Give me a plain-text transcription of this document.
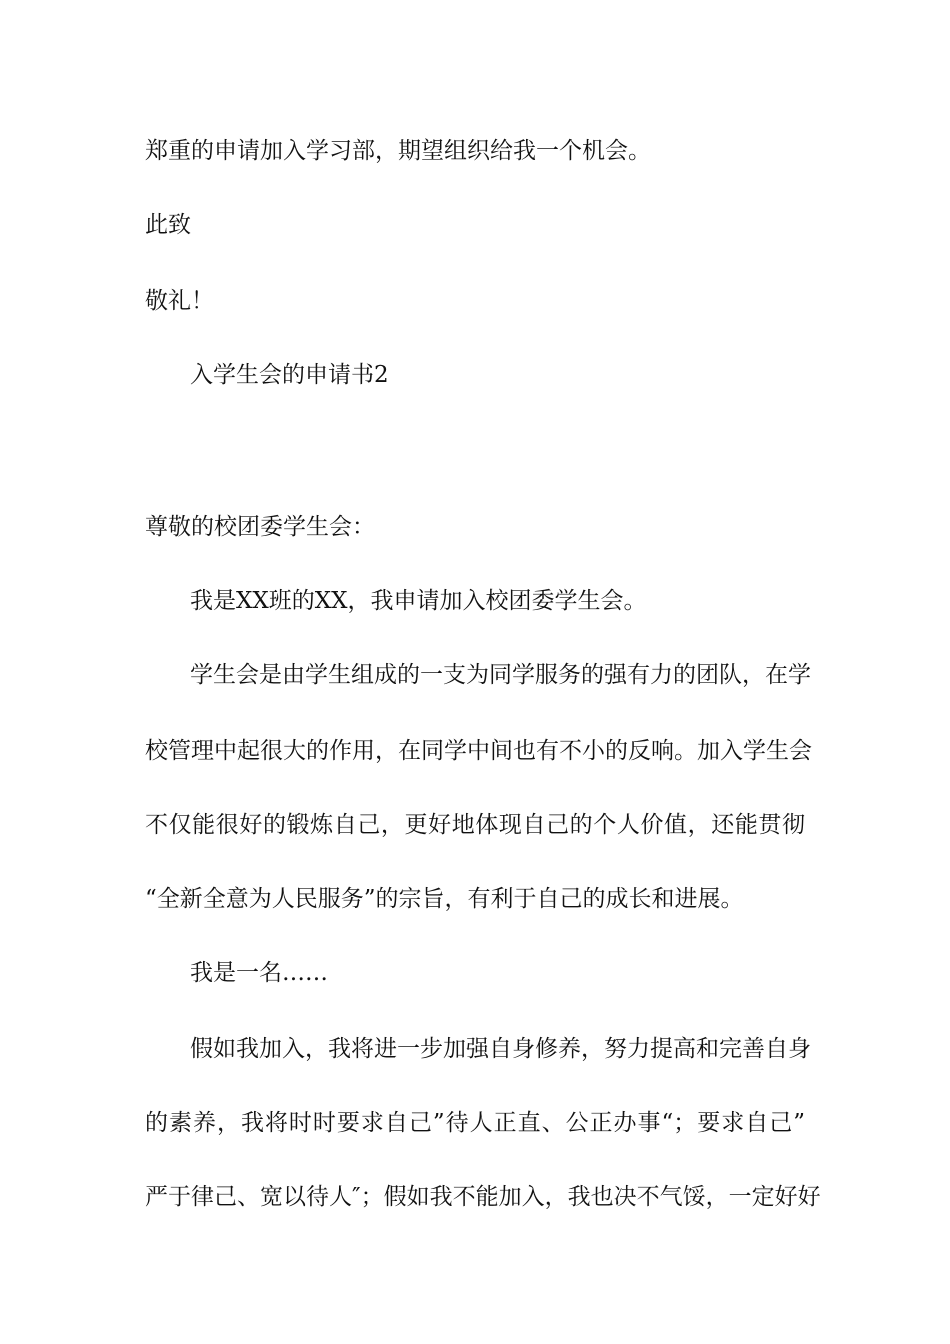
郑重的申请加入学习部，期望组织给我一个机会。
此致
敬礼！
入学生会的申请书2
尊敬的校团委学生会：
我是XX班的XX，我申请加入校团委学生会。
学生会是由学生组成的一支为同学服务的强有力的团队，在学
校管理中起很大的作用，在同学中间也有不小的反响。加入学生会
不仅能很好的锻炼自己，更好地体现自己的个人价值，还能贯彻
“全新全意为人民服务”的宗旨，有利于自己的成长和进展。
我是一名……
假如我加入，我将进一步加强自身修养，努力提高和完善自身
的素养，我将时时要求自己”待人正直、公正办事“；要求自己”
严于律己、宽以待人″；假如我不能加入，我也决不气馁，一定好好
